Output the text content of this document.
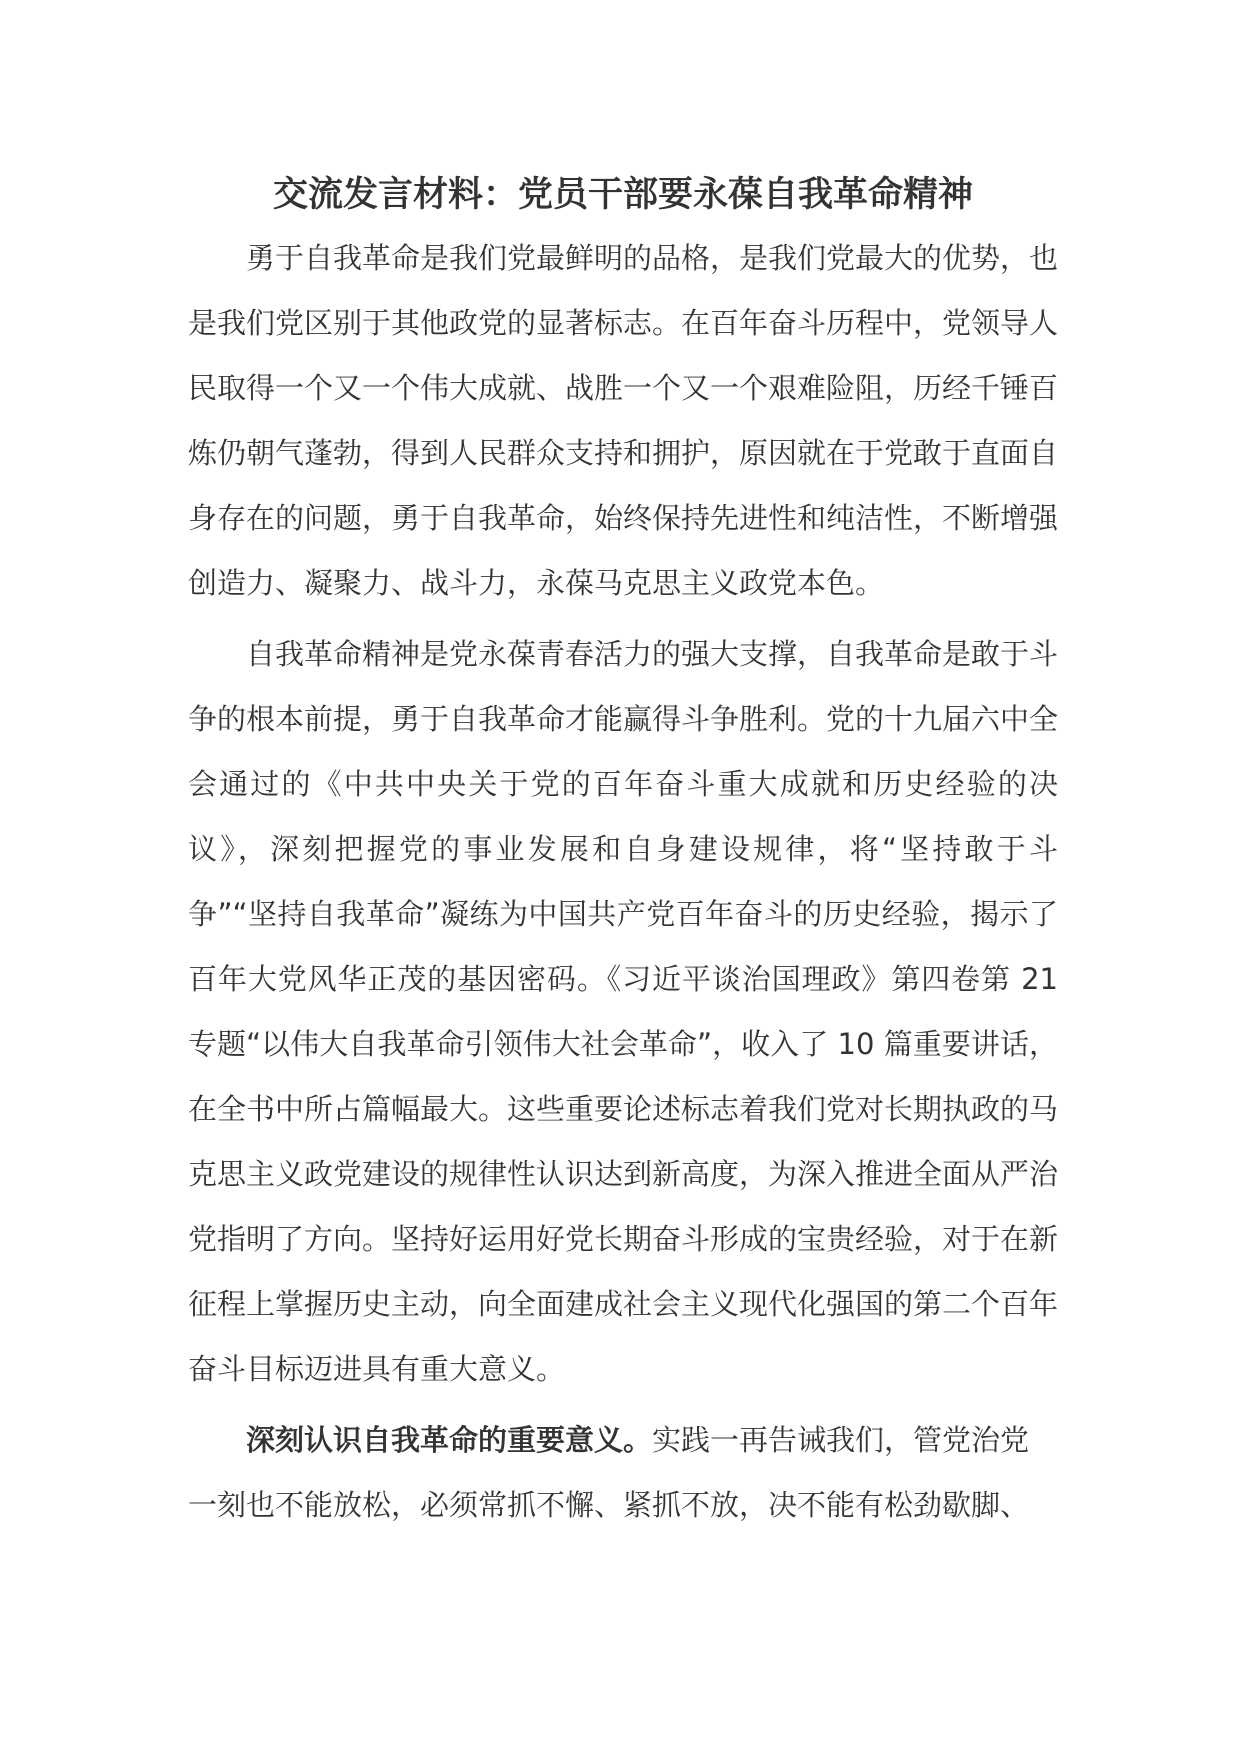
交流发言材料：党员干部要永葆自我革命精神

勇于自我革命是我们党最鲜明的品格，是我们党最大的优势，也是我们党区别于其他政党的显著标志。在百年奋斗历程中，党领导人民取得一个又一个伟大成就、战胜一个又一个艰难险阻，历经千锤百炼仍朝气蓬勃，得到人民群众支持和拥护，原因就在于党敢于直面自身存在的问题，勇于自我革命，始终保持先进性和纯洁性，不断增强创造力、凝聚力、战斗力，永葆马克思主义政党本色。

自我革命精神是党永葆青春活力的强大支撑，自我革命是敢于斗争的根本前提，勇于自我革命才能赢得斗争胜利。党的十九届六中全会通过的《中共中央关于党的百年奋斗重大成就和历史经验的决议》，深刻把握党的事业发展和自身建设规律，将“坚持敢于斗争”“坚持自我革命”凝练为中国共产党百年奋斗的历史经验，揭示了百年大党风华正茂的基因密码。《习近平谈治国理政》第四卷第 21 专题“以伟大自我革命引领伟大社会革命”，收入了 10 篇重要讲话，在全书中所占篇幅最大。这些重要论述标志着我们党对长期执政的马克思主义政党建设的规律性认识达到新高度，为深入推进全面从严治党指明了方向。坚持好运用好党长期奋斗形成的宝贵经验，对于在新征程上掌握历史主动，向全面建成社会主义现代化强国的第二个百年奋斗目标迈进具有重大意义。

深刻认识自我革命的重要意义。实践一再告诫我们，管党治党一刻也不能放松，必须常抓不懈、紧抓不放，决不能有松劲歇脚、
